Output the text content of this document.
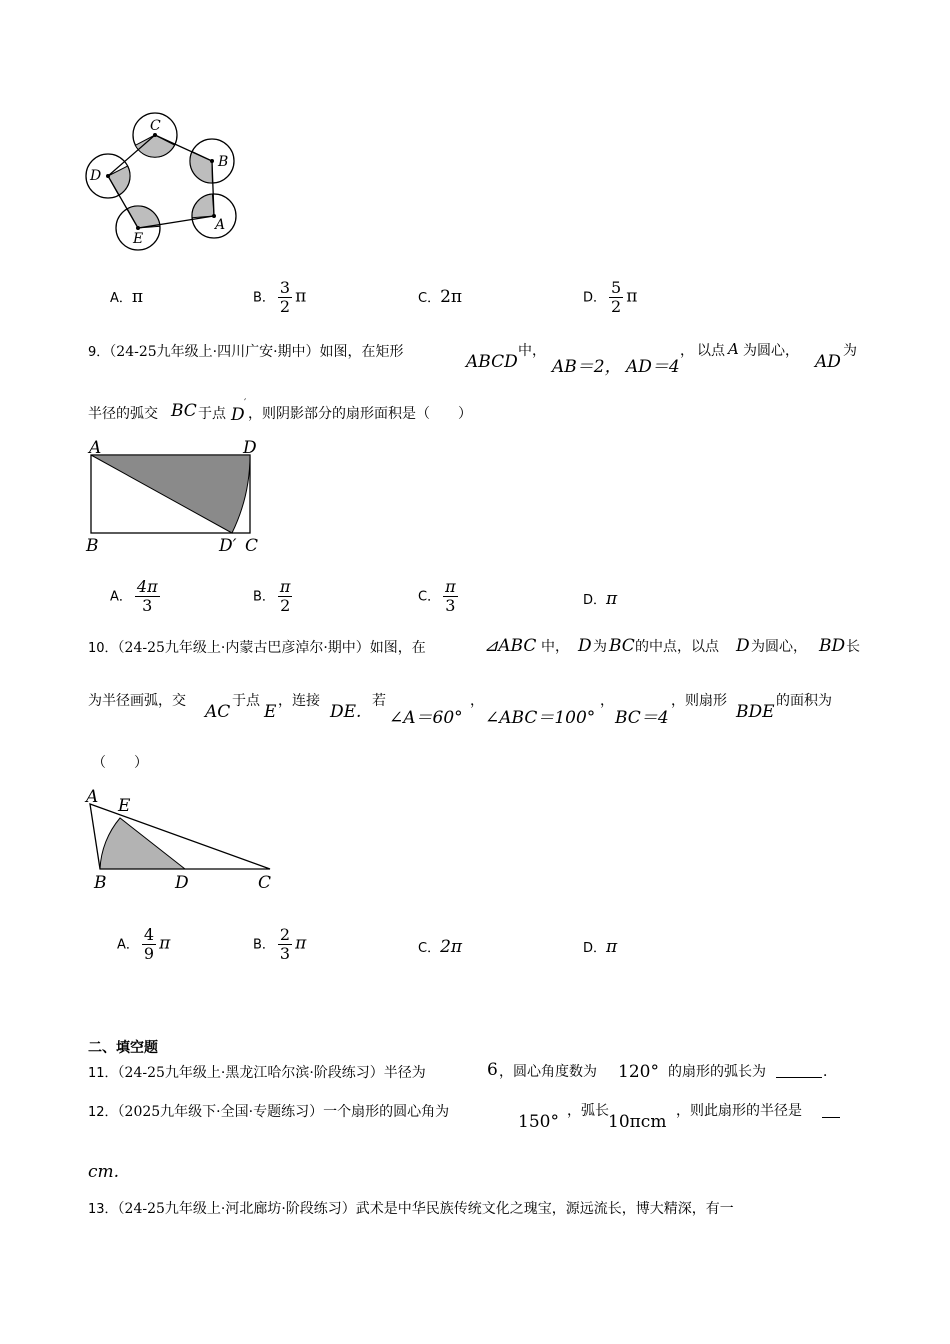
C
B
A
E
D
A．π	B． $\frac{3}{2}$ π	C．2π	D． $\frac{5}{2}$ π
9．（24-25九年级上·四川广安·期中）如图，在矩形	ABCD
中，
AB＝2， AD＝4
， 以点 A 为圆心，
AD
为
半径的弧交 BC 于点 D
′
，则阴影部分的扇形面积是（　　）
A	D
B	D′ C
A． $\frac{4\pi}{3}$	B． $\frac{\pi}{2}$	C． $\frac{\pi}{3}$	D．π
10．（24-25九年级上·内蒙古巴彦淖尔·期中）如图，在	⊿ABC 中， D 为 BC 的中点，以点 D 为圆心， BD 长
为半径画弧，交
AC
于点
E
，连接
DE.
若
∠A＝60°
，
∠ABC＝100°
，
BC＝4
，则扇形
BDE
的面积为
（　　）
A E
B	D	C
A． $\frac{4}{9}$ π	B． $\frac{2}{3}$ π	C．2π	D．π
二、填空题
11．（24-25九年级上·黑龙江哈尔滨·阶段练习）半径为	6 ，圆心角度数为 120° 的扇形的弧长为	．
12．（2025九年级下·全国·专题练习）一个扇形的圆心角为	150°
，弧长
10πcm
，则此扇形的半径是
cm.
13．（24-25九年级上·河北廊坊·阶段练习）武术是中华民族传统文化之瑰宝，源远流长，博大精深，有一
